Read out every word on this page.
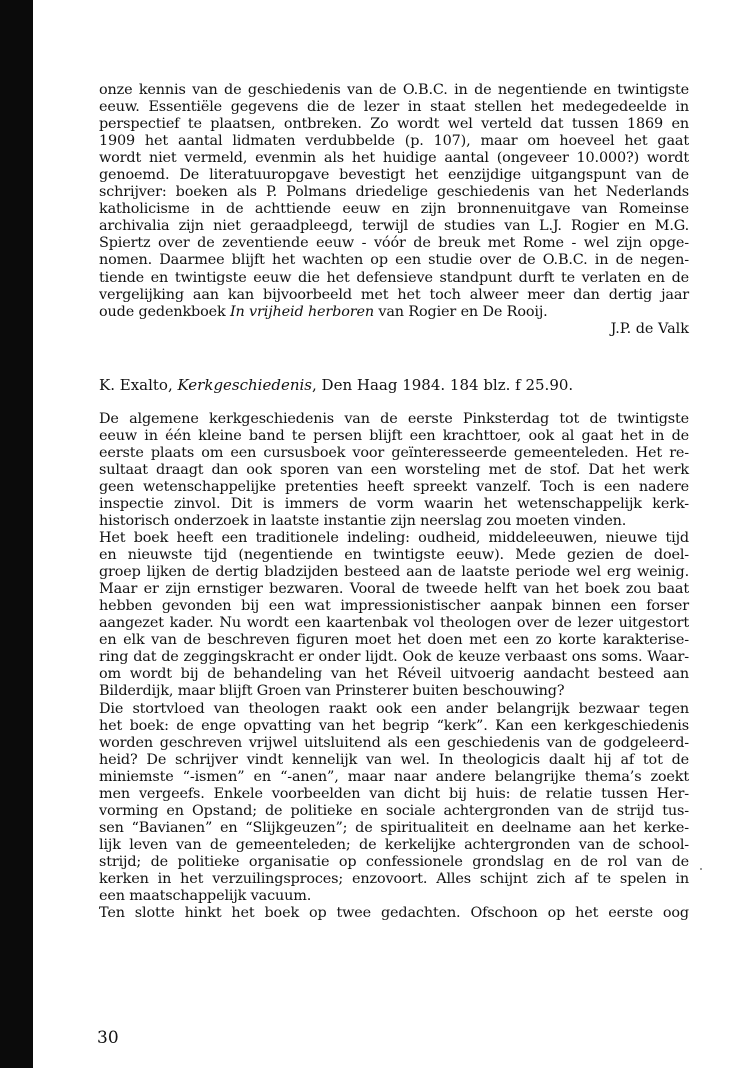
onze kennis van de geschiedenis van de O.B.C. in de negentiende en twintigste
eeuw. Essentiële gegevens die de lezer in staat stellen het medegedeelde in
perspectief te plaatsen, ontbreken. Zo wordt wel verteld dat tussen 1869 en
1909 het aantal lidmaten verdubbelde (p. 107), maar om hoeveel het gaat
wordt niet vermeld, evenmin als het huidige aantal (ongeveer 10.000?) wordt
genoemd. De literatuuropgave bevestigt het eenzijdige uitgangspunt van de
schrijver: boeken als P. Polmans driedelige geschiedenis van het Nederlands
katholicisme in de achttiende eeuw en zijn bronnenuitgave van Romeinse
archivalia zijn niet geraadpleegd, terwijl de studies van L.J. Rogier en M.G.
Spiertz over de zeventiende eeuw - vóór de breuk met Rome - wel zijn opge-
nomen. Daarmee blijft het wachten op een studie over de O.B.C. in de negen-
tiende en twintigste eeuw die het defensieve standpunt durft te verlaten en de
vergelijking aan kan bijvoorbeeld met het toch alweer meer dan dertig jaar
oude gedenkboek In vrijheid herboren van Rogier en De Rooij.
J.P. de Valk
K. Exalto, Kerkgeschiedenis, Den Haag 1984. 184 blz. f 25.90.
De algemene kerkgeschiedenis van de eerste Pinksterdag tot de twintigste
eeuw in één kleine band te persen blijft een krachttoer, ook al gaat het in de
eerste plaats om een cursusboek voor geïnteresseerde gemeenteleden. Het re-
sultaat draagt dan ook sporen van een worsteling met de stof. Dat het werk
geen wetenschappelijke pretenties heeft spreekt vanzelf. Toch is een nadere
inspectie zinvol. Dit is immers de vorm waarin het wetenschappelijk kerk-
historisch onderzoek in laatste instantie zijn neerslag zou moeten vinden.
Het boek heeft een traditionele indeling: oudheid, middeleeuwen, nieuwe tijd
en nieuwste tijd (negentiende en twintigste eeuw). Mede gezien de doel-
groep lijken de dertig bladzijden besteed aan de laatste periode wel erg weinig.
Maar er zijn ernstiger bezwaren. Vooral de tweede helft van het boek zou baat
hebben gevonden bij een wat impressionistischer aanpak binnen een forser
aangezet kader. Nu wordt een kaartenbak vol theologen over de lezer uitgestort
en elk van de beschreven figuren moet het doen met een zo korte karakterise-
ring dat de zeggingskracht er onder lijdt. Ook de keuze verbaast ons soms. Waar-
om wordt bij de behandeling van het Réveil uitvoerig aandacht besteed aan
Bilderdijk, maar blijft Groen van Prinsterer buiten beschouwing?
Die stortvloed van theologen raakt ook een ander belangrijk bezwaar tegen
het boek: de enge opvatting van het begrip “kerk”. Kan een kerkgeschiedenis
worden geschreven vrijwel uitsluitend als een geschiedenis van de godgeleerd-
heid? De schrijver vindt kennelijk van wel. In theologicis daalt hij af tot de
miniemste “-ismen” en “-anen”, maar naar andere belangrijke thema’s zoekt
men vergeefs. Enkele voorbeelden van dicht bij huis: de relatie tussen Her-
vorming en Opstand; de politieke en sociale achtergronden van de strijd tus-
sen “Bavianen” en “Slijkgeuzen”; de spiritualiteit en deelname aan het kerke-
lijk leven van de gemeenteleden; de kerkelijke achtergronden van de school-
strijd; de politieke organisatie op confessionele grondslag en de rol van de
kerken in het verzuilingsproces; enzovoort. Alles schijnt zich af te spelen in
een maatschappelijk vacuum.
Ten slotte hinkt het boek op twee gedachten. Ofschoon op het eerste oog
30
